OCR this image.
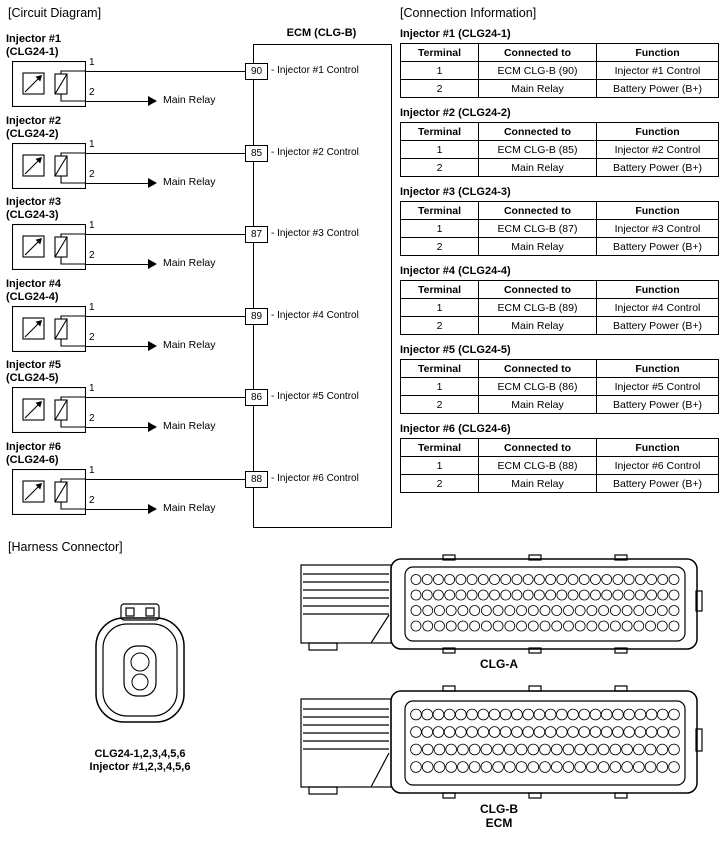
[Circuit Diagram]
[Harness Connector]
ECM (CLG-B)
Injector #1
(CLG24-1)
1
2
Main Relay
90 - Injector #1 Control
Injector #2
(CLG24-2)
1
2
Main Relay
85 - Injector #2 Control
Injector #3
(CLG24-3)
1
2
Main Relay
87 - Injector #3 Control
Injector #4
(CLG24-4)
1
2
Main Relay
89 - Injector #4 Control
Injector #5
(CLG24-5)
1
2
Main Relay
86 - Injector #5 Control
Injector #6
(CLG24-6)
1
2
Main Relay
88 - Injector #6 Control
[Connection Information]
Injector #1 (CLG24-1)
Terminal	Connected to	Function
1	ECM CLG-B (90)	Injector #1 Control
2	Main Relay	Battery Power (B+)
Injector #2 (CLG24-2)
Terminal	Connected to	Function
1	ECM CLG-B (85)	Injector #2 Control
2	Main Relay	Battery Power (B+)
Injector #3 (CLG24-3)
Terminal	Connected to	Function
1	ECM CLG-B (87)	Injector #3 Control
2	Main Relay	Battery Power (B+)
Injector #4 (CLG24-4)
Terminal	Connected to	Function
1	ECM CLG-B (89)	Injector #4 Control
2	Main Relay	Battery Power (B+)
Injector #5 (CLG24-5)
Terminal	Connected to	Function
1	ECM CLG-B (86)	Injector #5 Control
2	Main Relay	Battery Power (B+)
Injector #6 (CLG24-6)
Terminal	Connected to	Function
1	ECM CLG-B (88)	Injector #6 Control
2	Main Relay	Battery Power (B+)
1
2
CLG24-1,2,3,4,5,6
Injector #1,2,3,4,5,6
CLG-A
CLG-B
ECM
